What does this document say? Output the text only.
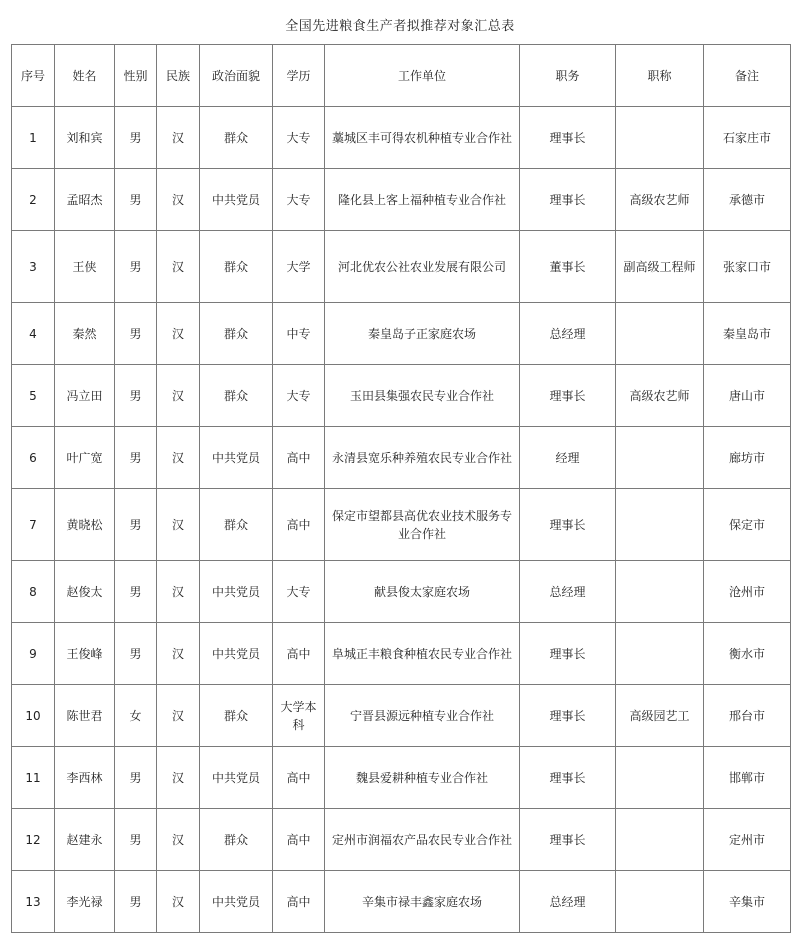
全国先进粮食生产者拟推荐对象汇总表
序号	姓名	性别	民族	政治面貌	学历	工作单位	职务	职称	备注
1	刘和宾	男	汉	群众	大专	藁城区丰可得农机种植专业合作社	理事长		石家庄市
2	孟昭杰	男	汉	中共党员	大专	隆化县上客上福种植专业合作社	理事长	高级农艺师	承德市
3	王侠	男	汉	群众	大学	河北优农公社农业发展有限公司	董事长	副高级工程师	张家口市
4	秦然	男	汉	群众	中专	秦皇岛子正家庭农场	总经理		秦皇岛市
5	冯立田	男	汉	群众	大专	玉田县集强农民专业合作社	理事长	高级农艺师	唐山市
6	叶广宽	男	汉	中共党员	高中	永清县宽乐种养殖农民专业合作社	经理		廊坊市
7	黄晓松	男	汉	群众	高中	保定市望都县高优农业技术服务专业合作社	理事长		保定市
8	赵俊太	男	汉	中共党员	大专	献县俊太家庭农场	总经理		沧州市
9	王俊峰	男	汉	中共党员	高中	阜城正丰粮食种植农民专业合作社	理事长		衡水市
10	陈世君	女	汉	群众	大学本科	宁晋县源远种植专业合作社	理事长	高级园艺工	邢台市
11	李西林	男	汉	中共党员	高中	魏县爱耕种植专业合作社	理事长		邯郸市
12	赵建永	男	汉	群众	高中	定州市润福农产品农民专业合作社	理事长		定州市
13	李光禄	男	汉	中共党员	高中	辛集市禄丰鑫家庭农场	总经理		辛集市
